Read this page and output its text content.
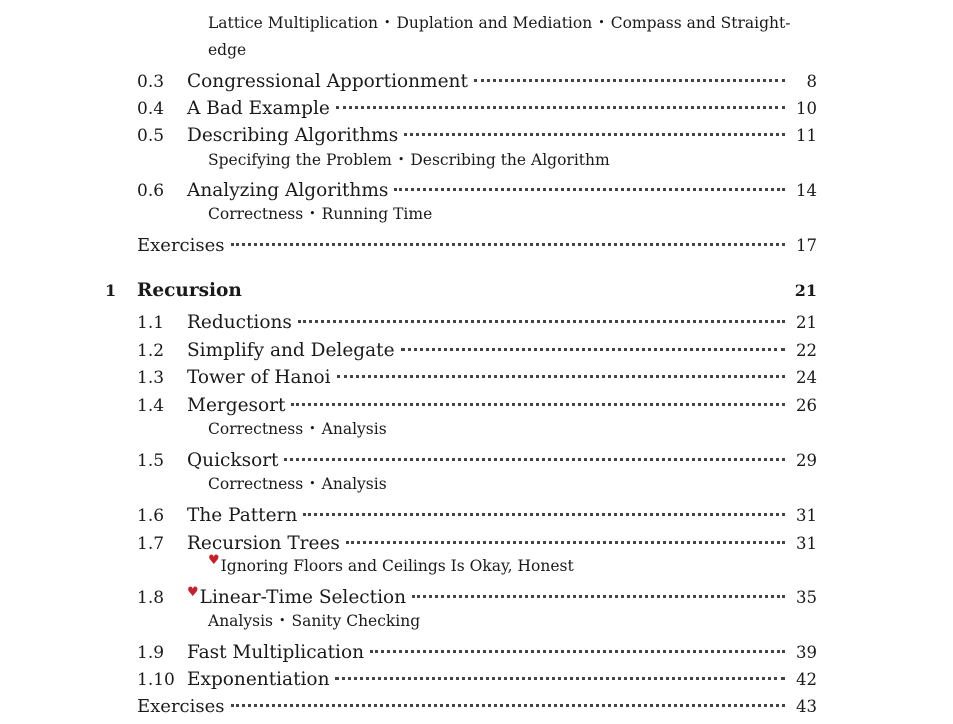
Lattice Multiplication • Duplation and Mediation • Compass and Straight-
edge
0.3	Congressional Apportionment	8
0.4	A Bad Example	10
0.5	Describing Algorithms	11
Specifying the Problem • Describing the Algorithm
0.6	Analyzing Algorithms	14
Correctness • Running Time
Exercises	17
1	Recursion	21
1.1	Reductions	21
1.2	Simplify and Delegate	22
1.3	Tower of Hanoi	24
1.4	Mergesort	26
Correctness • Analysis
1.5	Quicksort	29
Correctness • Analysis
1.6	The Pattern	31
1.7	Recursion Trees	31
♥Ignoring Floors and Ceilings Is Okay, Honest
1.8	♥Linear-Time Selection	35
Analysis • Sanity Checking
1.9	Fast Multiplication	39
1.10 Exponentiation	42
Exercises	43
